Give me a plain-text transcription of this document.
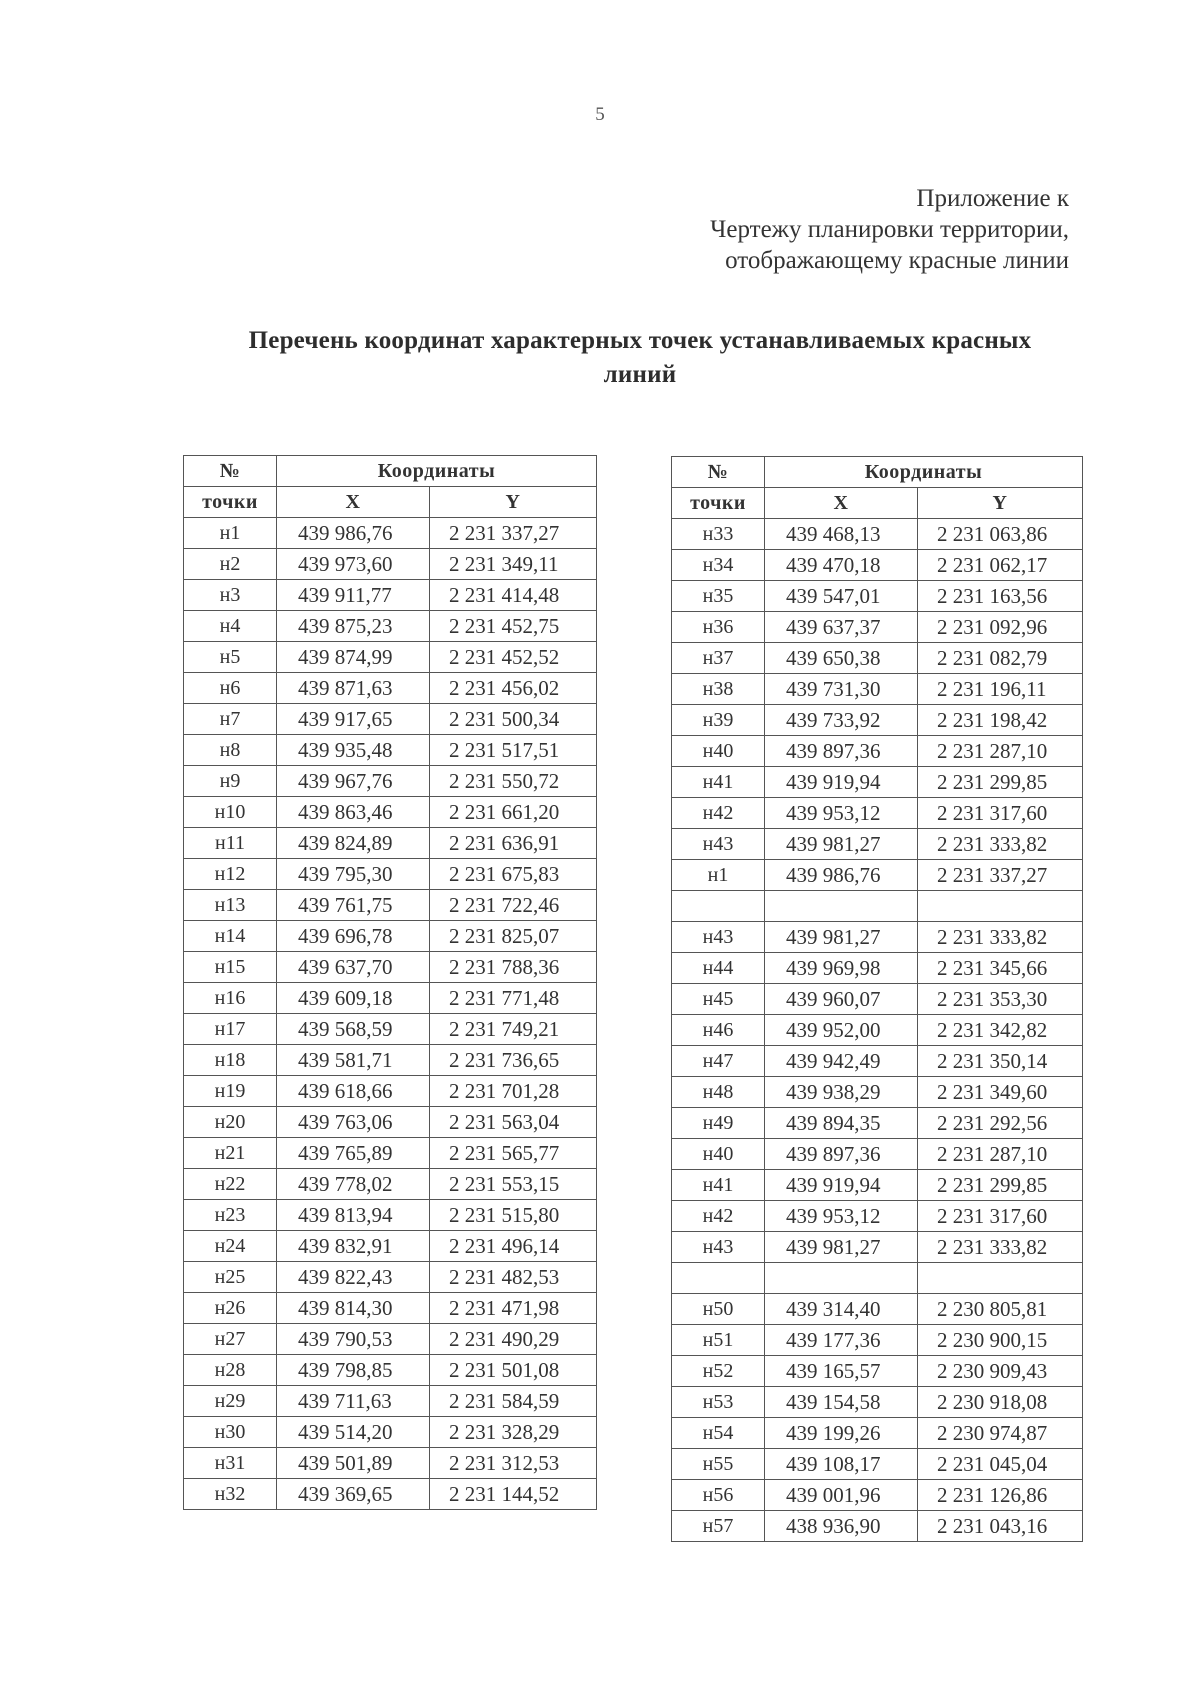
5
Приложение к
Чертежу планировки территории,
отображающему красные линии
Перечень координат характерных точек устанавливаемых красных
линий
№	Координаты	
точки	X	Y
н1	439 986,76	2 231 337,27
н2	439 973,60	2 231 349,11
н3	439 911,77	2 231 414,48
н4	439 875,23	2 231 452,75
н5	439 874,99	2 231 452,52
н6	439 871,63	2 231 456,02
н7	439 917,65	2 231 500,34
н8	439 935,48	2 231 517,51
н9	439 967,76	2 231 550,72
н10	439 863,46	2 231 661,20
н11	439 824,89	2 231 636,91
н12	439 795,30	2 231 675,83
н13	439 761,75	2 231 722,46
н14	439 696,78	2 231 825,07
н15	439 637,70	2 231 788,36
н16	439 609,18	2 231 771,48
н17	439 568,59	2 231 749,21
н18	439 581,71	2 231 736,65
н19	439 618,66	2 231 701,28
н20	439 763,06	2 231 563,04
н21	439 765,89	2 231 565,77
н22	439 778,02	2 231 553,15
н23	439 813,94	2 231 515,80
н24	439 832,91	2 231 496,14
н25	439 822,43	2 231 482,53
н26	439 814,30	2 231 471,98
н27	439 790,53	2 231 490,29
н28	439 798,85	2 231 501,08
н29	439 711,63	2 231 584,59
н30	439 514,20	2 231 328,29
н31	439 501,89	2 231 312,53
н32	439 369,65	2 231 144,52
№	Координаты	
точки	X	Y
н33	439 468,13	2 231 063,86
н34	439 470,18	2 231 062,17
н35	439 547,01	2 231 163,56
н36	439 637,37	2 231 092,96
н37	439 650,38	2 231 082,79
н38	439 731,30	2 231 196,11
н39	439 733,92	2 231 198,42
н40	439 897,36	2 231 287,10
н41	439 919,94	2 231 299,85
н42	439 953,12	2 231 317,60
н43	439 981,27	2 231 333,82
н1	439 986,76	2 231 337,27

н43	439 981,27	2 231 333,82
н44	439 969,98	2 231 345,66
н45	439 960,07	2 231 353,30
н46	439 952,00	2 231 342,82
н47	439 942,49	2 231 350,14
н48	439 938,29	2 231 349,60
н49	439 894,35	2 231 292,56
н40	439 897,36	2 231 287,10
н41	439 919,94	2 231 299,85
н42	439 953,12	2 231 317,60
н43	439 981,27	2 231 333,82

н50	439 314,40	2 230 805,81
н51	439 177,36	2 230 900,15
н52	439 165,57	2 230 909,43
н53	439 154,58	2 230 918,08
н54	439 199,26	2 230 974,87
н55	439 108,17	2 231 045,04
н56	439 001,96	2 231 126,86
н57	438 936,90	2 231 043,16
